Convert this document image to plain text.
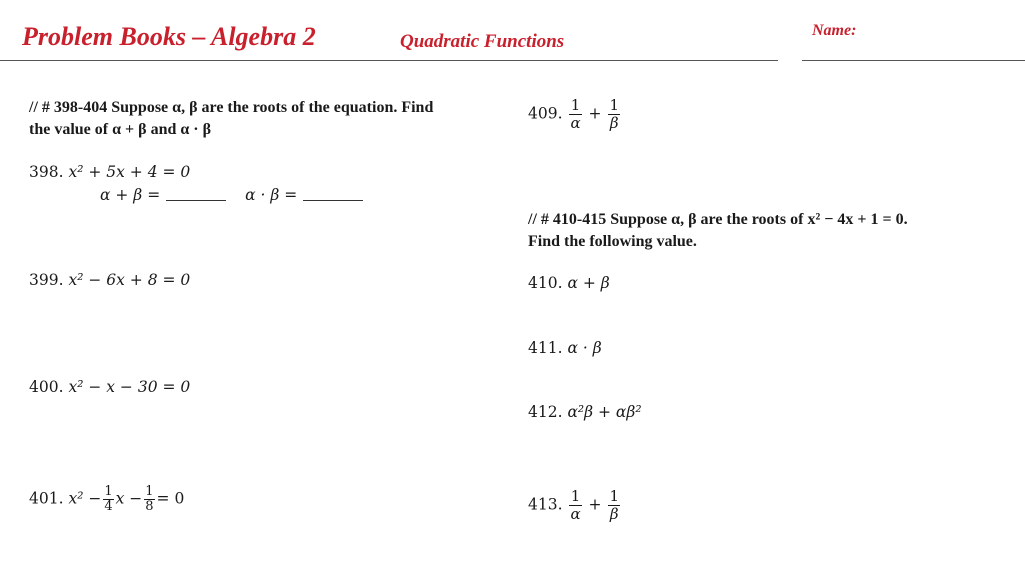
Problem Books – Algebra 2	Quadratic Functions
Name:
// # 398-404 Suppose α, β are the roots of the equation. Find
the value of α + β and α · β
398. x² + 5x + 4 = 0
α + β =	α · β =
399. x² − 6x + 8 = 0
400. x² − x − 30 = 0
401. $x^2 - \frac{1}{4}$ $x - \frac{1}{8} = 0$
409. $\frac{1}{\alpha} + \frac{1}{\beta}$
// # 410-415 Suppose α, β are the roots of x² − 4x + 1 = 0.
Find the following value.
410. α + β
411. α · β
412. α²β + αβ²
413. $\frac{1}{\alpha} + \frac{1}{\beta}$
